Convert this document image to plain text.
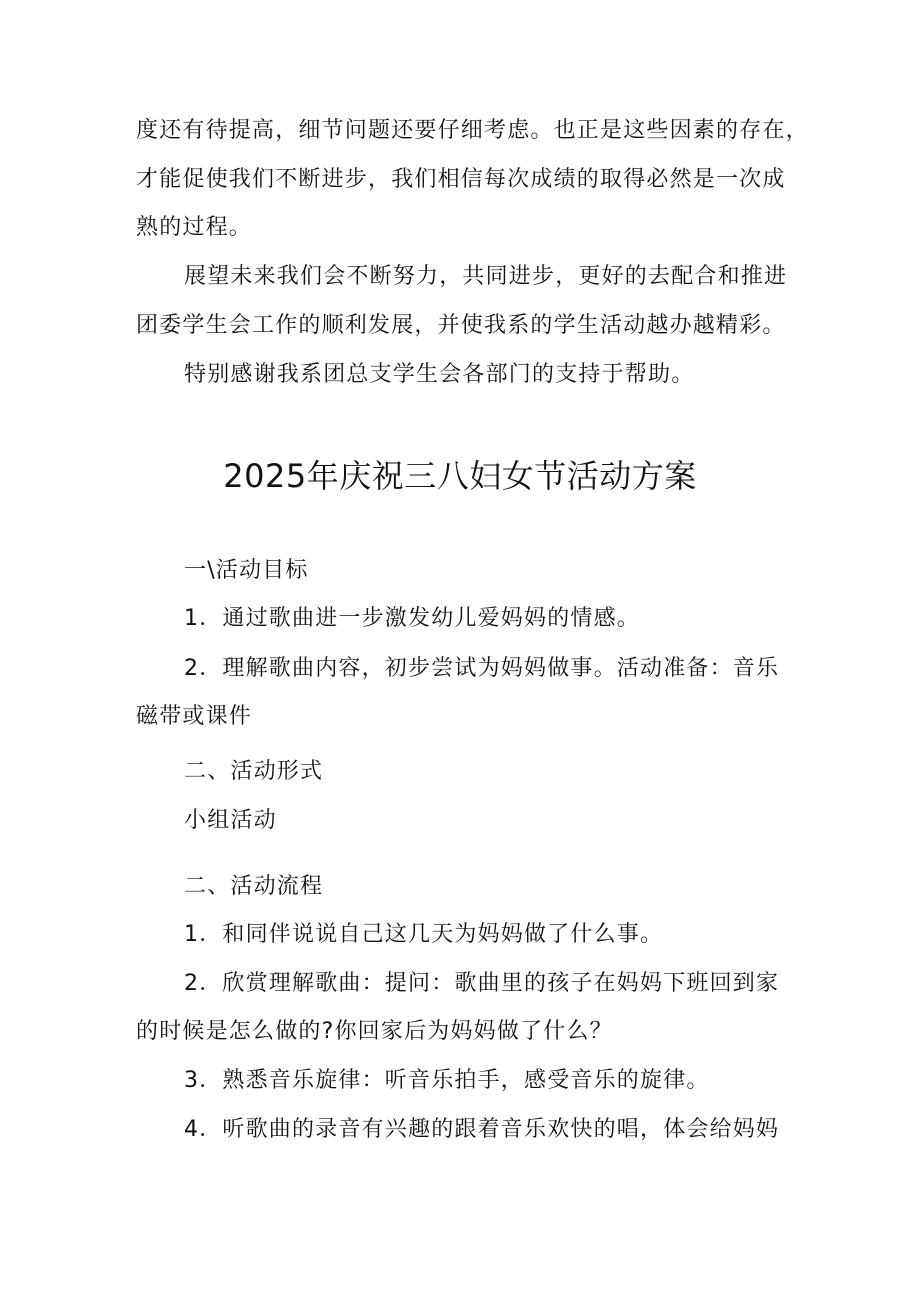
度还有待提高，细节问题还要仔细考虑。也正是这些因素的存在，
才能促使我们不断进步，我们相信每次成绩的取得必然是一次成
熟的过程。
展望未来我们会不断努力，共同进步，更好的去配合和推进
团委学生会工作的顺利发展，并使我系的学生活动越办越精彩。
特别感谢我系团总支学生会各部门的支持于帮助。
2025年庆祝三八妇女节活动方案
一\活动目标
1．通过歌曲进一步激发幼儿爱妈妈的情感。
2．理解歌曲内容，初步尝试为妈妈做事。活动准备：音乐
磁带或课件
二、活动形式
小组活动
二、活动流程
1．和同伴说说自己这几天为妈妈做了什么事。
2．欣赏理解歌曲：提问：歌曲里的孩子在妈妈下班回到家
的时候是怎么做的?你回家后为妈妈做了什么？
3．熟悉音乐旋律：听音乐拍手，感受音乐的旋律。
4．听歌曲的录音有兴趣的跟着音乐欢快的唱，体会给妈妈
